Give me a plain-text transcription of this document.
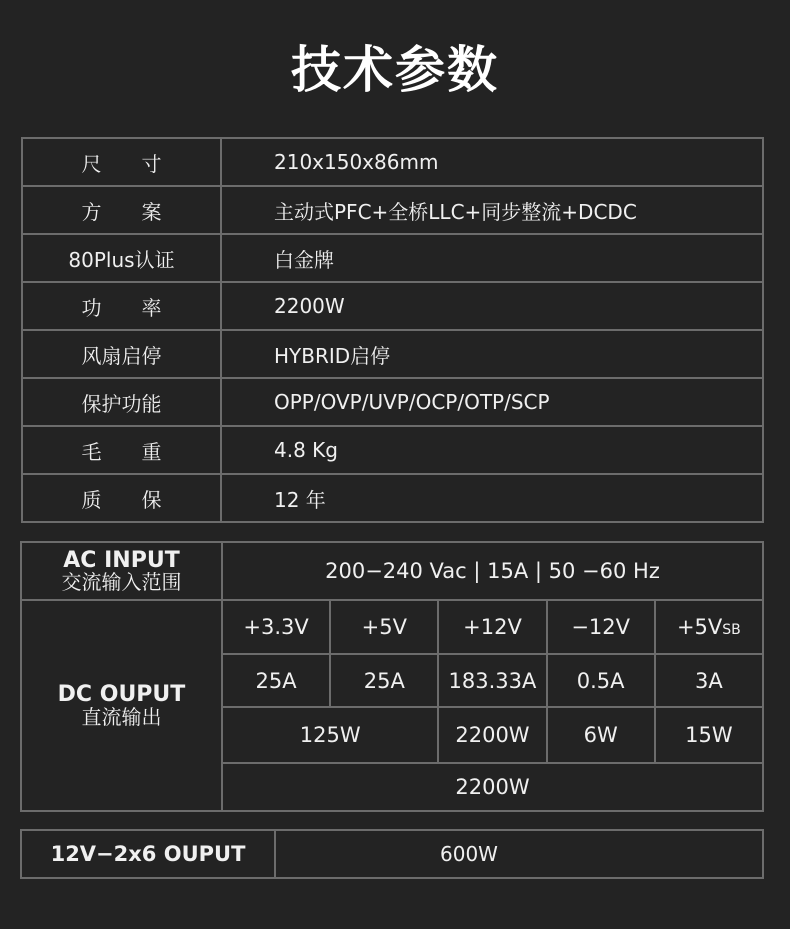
技术参数
尺　　寸	210x150x86mm
方　　案	主动式PFC+全桥LLC+同步整流+DCDC
80Plus认证	白金牌
功　　率	2200W
风扇启停	HYBRID启停
保护功能	OPP/OVP/UVP/OCP/OTP/SCP
毛　　重	4.8 Kg
质　　保	12 年
AC INPUT
交流输入范围	200−240 Vac | 15A | 50 −60 Hz				

DC OUPUT
直流输出	+3.3V	+5V	+12V	−12V	+5VSB
	25A	25A	183.33A	0.5A	3A
	125W		2200W	6W	15W
	2200W				
12V−2x6 OUPUT	600W
